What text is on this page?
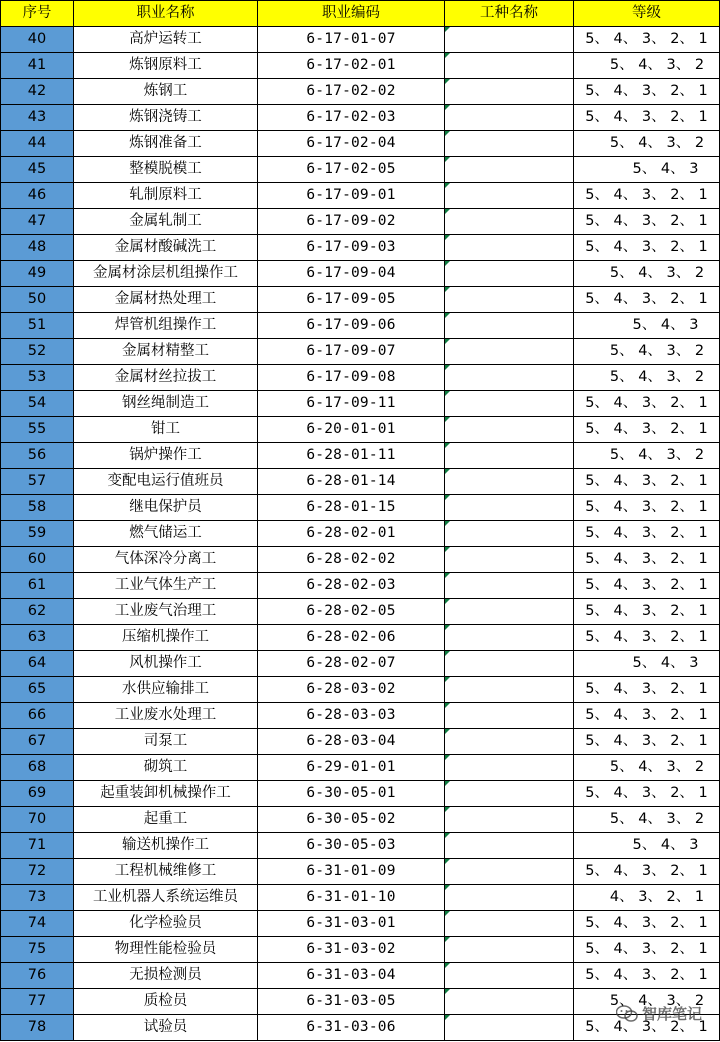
序号	职业名称	职业编码	工种名称	等级
40	高炉运转工	6-17-01-07		5、 4、 3、 2、 1
41	炼钢原料工	6-17-02-01		5、 4、 3、 2
42	炼钢工	6-17-02-02		5、 4、 3、 2、 1
43	炼钢浇铸工	6-17-02-03		5、 4、 3、 2、 1
44	炼钢准备工	6-17-02-04		5、 4、 3、 2
45	整模脱模工	6-17-02-05		5、 4、 3
46	轧制原料工	6-17-09-01		5、 4、 3、 2、 1
47	金属轧制工	6-17-09-02		5、 4、 3、 2、 1
48	金属材酸碱洗工	6-17-09-03		5、 4、 3、 2、 1
49	金属材涂层机组操作工	6-17-09-04		5、 4、 3、 2
50	金属材热处理工	6-17-09-05		5、 4、 3、 2、 1
51	焊管机组操作工	6-17-09-06		5、 4、 3
52	金属材精整工	6-17-09-07		5、 4、 3、 2
53	金属材丝拉拔工	6-17-09-08		5、 4、 3、 2
54	钢丝绳制造工	6-17-09-11		5、 4、 3、 2、 1
55	钳工	6-20-01-01		5、 4、 3、 2、 1
56	锅炉操作工	6-28-01-11		5、 4、 3、 2
57	变配电运行值班员	6-28-01-14		5、 4、 3、 2、 1
58	继电保护员	6-28-01-15		5、 4、 3、 2、 1
59	燃气储运工	6-28-02-01		5、 4、 3、 2、 1
60	气体深冷分离工	6-28-02-02		5、 4、 3、 2、 1
61	工业气体生产工	6-28-02-03		5、 4、 3、 2、 1
62	工业废气治理工	6-28-02-05		5、 4、 3、 2、 1
63	压缩机操作工	6-28-02-06		5、 4、 3、 2、 1
64	风机操作工	6-28-02-07		5、 4、 3
65	水供应输排工	6-28-03-02		5、 4、 3、 2、 1
66	工业废水处理工	6-28-03-03		5、 4、 3、 2、 1
67	司泵工	6-28-03-04		5、 4、 3、 2、 1
68	砌筑工	6-29-01-01		5、 4、 3、 2
69	起重装卸机械操作工	6-30-05-01		5、 4、 3、 2、 1
70	起重工	6-30-05-02		5、 4、 3、 2
71	输送机操作工	6-30-05-03		5、 4、 3
72	工程机械维修工	6-31-01-09		5、 4、 3、 2、 1
73	工业机器人系统运维员	6-31-01-10		4、 3、 2、 1
74	化学检验员	6-31-03-01		5、 4、 3、 2、 1
75	物理性能检验员	6-31-03-02		5、 4、 3、 2、 1
76	无损检测员	6-31-03-04		5、 4、 3、 2、 1
77	质检员	6-31-03-05		5、 4、 3、 2
78	试验员	6-31-03-06		5、 4、 3、 2、 1
智库笔记
